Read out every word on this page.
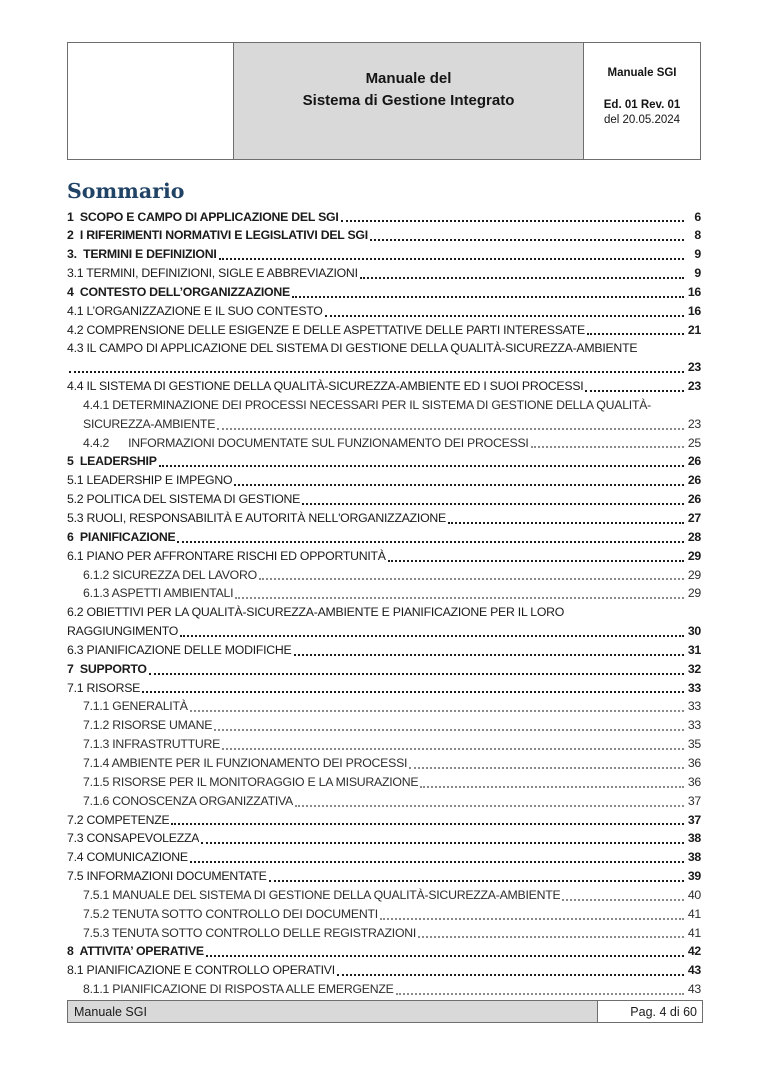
Manuale del
Sistema di Gestione Integrato
Manuale SGI
Ed. 01 Rev. 01
del 20.05.2024
Sommario
1  SCOPO E CAMPO DI APPLICAZIONE DEL SGI	6
2  I RIFERIMENTI NORMATIVI E LEGISLATIVI DEL SGI	8
3.  TERMINI E DEFINIZIONI	9
3.1 TERMINI, DEFINIZIONI, SIGLE E ABBREVIAZIONI	9
4  CONTESTO DELL’ORGANIZZAZIONE	16
4.1 L’ORGANIZZAZIONE E IL SUO CONTESTO	16
4.2 COMPRENSIONE DELLE ESIGENZE E DELLE ASPETTATIVE DELLE PARTI INTERESSATE	21
4.3 IL CAMPO DI APPLICAZIONE DEL SISTEMA DI GESTIONE DELLA QUALITÀ-SICUREZZA-AMBIENTE
23
4.4 IL SISTEMA DI GESTIONE DELLA QUALITÀ-SICUREZZA-AMBIENTE ED I SUOI PROCESSI	23
4.4.1 DETERMINAZIONE DEI PROCESSI NECESSARI PER IL SISTEMA DI GESTIONE DELLA QUALITÀ-
SICUREZZA-AMBIENTE	23
4.4.2      INFORMAZIONI DOCUMENTATE SUL FUNZIONAMENTO DEI PROCESSI	25
5  LEADERSHIP	26
5.1 LEADERSHIP E IMPEGNO	26
5.2 POLITICA DEL SISTEMA DI GESTIONE	26
5.3 RUOLI, RESPONSABILITÀ E AUTORITÀ NELL'ORGANIZZAZIONE	27
6  PIANIFICAZIONE	28
6.1 PIANO PER AFFRONTARE RISCHI ED OPPORTUNITÀ	29
6.1.2 SICUREZZA DEL LAVORO	29
6.1.3 ASPETTI AMBIENTALI	29
6.2 OBIETTIVI PER LA QUALITÀ-SICUREZZA-AMBIENTE E PIANIFICAZIONE PER IL LORO
RAGGIUNGIMENTO	30
6.3 PIANIFICAZIONE DELLE MODIFICHE	31
7  SUPPORTO	32
7.1 RISORSE	33
7.1.1 GENERALITÀ	33
7.1.2 RISORSE UMANE	33
7.1.3 INFRASTRUTTURE	35
7.1.4 AMBIENTE PER IL FUNZIONAMENTO DEI PROCESSI	36
7.1.5 RISORSE PER IL MONITORAGGIO E LA MISURAZIONE	36
7.1.6 CONOSCENZA ORGANIZZATIVA	37
7.2 COMPETENZE	37
7.3 CONSAPEVOLEZZA	38
7.4 COMUNICAZIONE	38
7.5 INFORMAZIONI DOCUMENTATE	39
7.5.1 MANUALE DEL SISTEMA DI GESTIONE DELLA QUALITÀ-SICUREZZA-AMBIENTE	40
7.5.2 TENUTA SOTTO CONTROLLO DEI DOCUMENTI	41
7.5.3 TENUTA SOTTO CONTROLLO DELLE REGISTRAZIONI	41
8  ATTIVITA’ OPERATIVE	42
8.1 PIANIFICAZIONE E CONTROLLO OPERATIVI	43
8.1.1 PIANIFICAZIONE DI RISPOSTA ALLE EMERGENZE	43
Manuale SGI	Pag. 4 di 60
